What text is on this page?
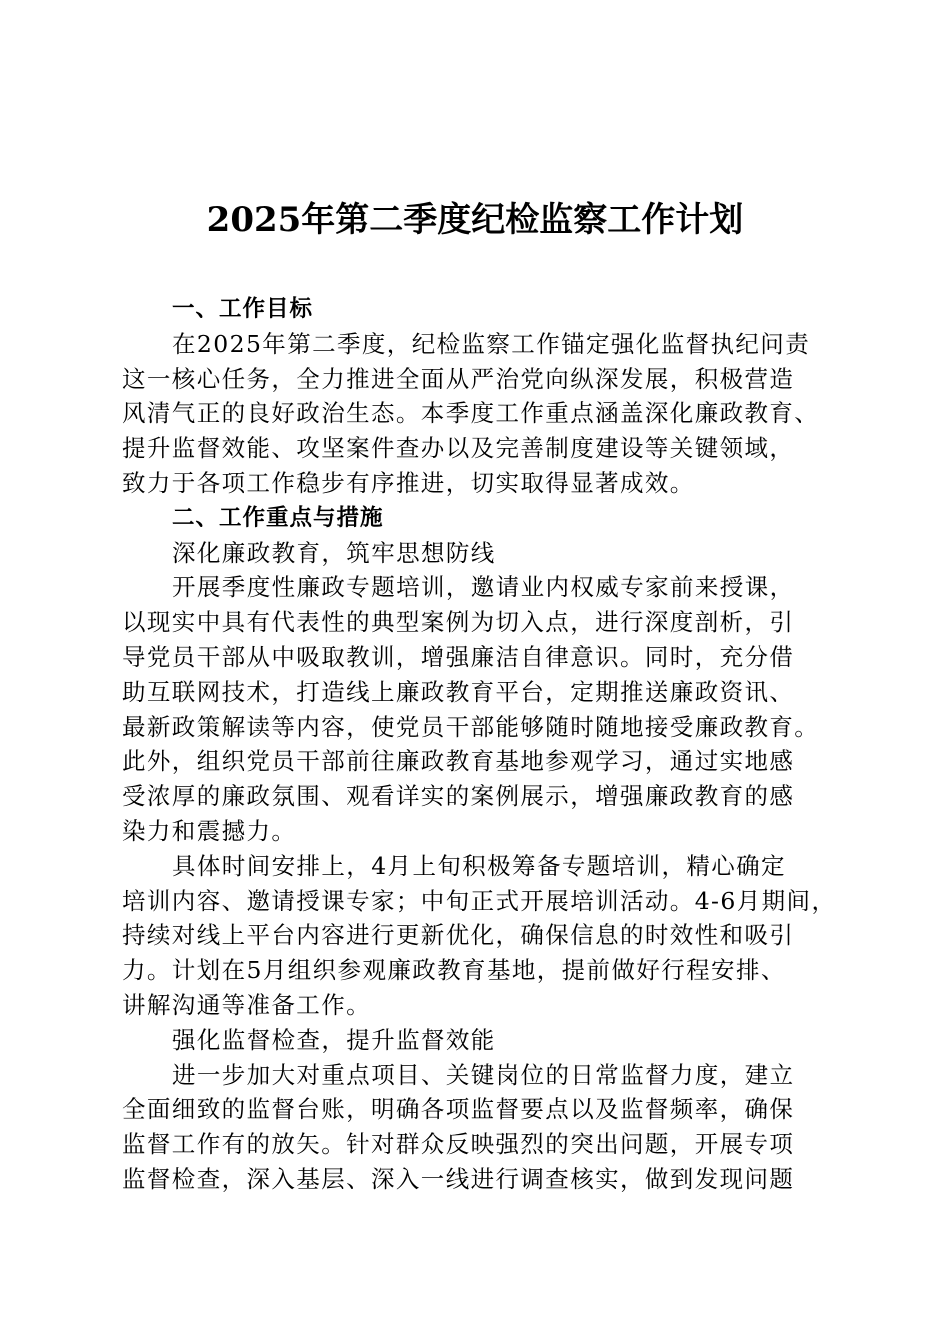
2025年第二季度纪检监察工作计划
一、工作目标
在2025年第二季度，纪检监察工作锚定强化监督执纪问责
这一核心任务，全力推进全面从严治党向纵深发展，积极营造
风清气正的良好政治生态。本季度工作重点涵盖深化廉政教育、
提升监督效能、攻坚案件查办以及完善制度建设等关键领域，
致力于各项工作稳步有序推进，切实取得显著成效。
二、工作重点与措施
深化廉政教育，筑牢思想防线
开展季度性廉政专题培训，邀请业内权威专家前来授课，
以现实中具有代表性的典型案例为切入点，进行深度剖析，引
导党员干部从中吸取教训，增强廉洁自律意识。同时，充分借
助互联网技术，打造线上廉政教育平台，定期推送廉政资讯、
最新政策解读等内容，使党员干部能够随时随地接受廉政教育。
此外，组织党员干部前往廉政教育基地参观学习，通过实地感
受浓厚的廉政氛围、观看详实的案例展示，增强廉政教育的感
染力和震撼力。
具体时间安排上，4月上旬积极筹备专题培训，精心确定
培训内容、邀请授课专家；中旬正式开展培训活动。4-6月期间，
持续对线上平台内容进行更新优化，确保信息的时效性和吸引
力。计划在5月组织参观廉政教育基地，提前做好行程安排、
讲解沟通等准备工作。
强化监督检查，提升监督效能
进一步加大对重点项目、关键岗位的日常监督力度，建立
全面细致的监督台账，明确各项监督要点以及监督频率，确保
监督工作有的放矢。针对群众反映强烈的突出问题，开展专项
监督检查，深入基层、深入一线进行调查核实，做到发现问题
